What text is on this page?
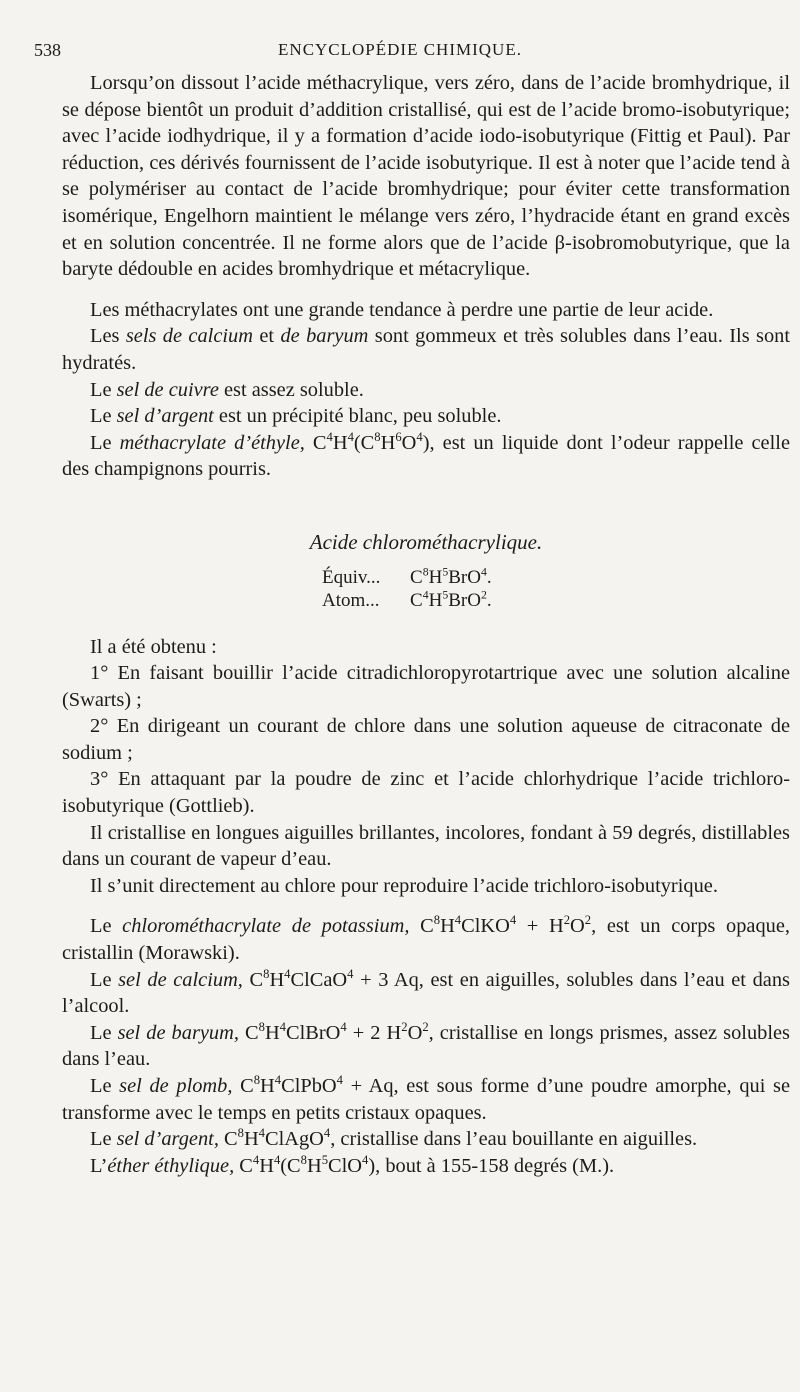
538	ENCYCLOPÉDIE CHIMIQUE.

Lorsqu’on dissout l’acide méthacrylique, vers zéro, dans de l’acide bromhydrique, il se dépose bientôt un produit d’addition cristallisé, qui est de l’acide bromo-isobutyrique; avec l’acide iodhydrique, il y a formation d’acide iodo-isobutyrique (Fittig et Paul). Par réduction, ces dérivés fournissent de l’acide isobutyrique. Il est à noter que l’acide tend à se polymériser au contact de l’acide bromhydrique; pour éviter cette transformation isomérique, Engelhorn maintient le mélange vers zéro, l’hydracide étant en grand excès et en solution concentrée. Il ne forme alors que de l’acide β-isobromobutyrique, que la baryte dédouble en acides bromhydrique et métacrylique.

Les méthacrylates ont une grande tendance à perdre une partie de leur acide.

Les sels de calcium et de baryum sont gommeux et très solubles dans l’eau. Ils sont hydratés.

Le sel de cuivre est assez soluble.

Le sel d’argent est un précipité blanc, peu soluble.

Le méthacrylate d’éthyle, $C^4H^4(C^8H^6O^4)$, est un liquide dont l’odeur rappelle celle des champignons pourris.

Acide chlorométhacrylique.

Équiv...	$C^8H^5BrO^4$.
Atom...	$C^4H^5BrO^2$.

Il a été obtenu :

1° En faisant bouillir l’acide citradichloropyrotartrique avec une solution alcaline (Swarts) ;

2° En dirigeant un courant de chlore dans une solution aqueuse de citraconate de sodium ;

3° En attaquant par la poudre de zinc et l’acide chlorhydrique l’acide trichloro-isobutyrique (Gottlieb).

Il cristallise en longues aiguilles brillantes, incolores, fondant à 59 degrés, distillables dans un courant de vapeur d’eau.

Il s’unit directement au chlore pour reproduire l’acide trichloro-isobutyrique.

Le chlorométhacrylate de potassium, $C^8H^4ClKO^4 + H^2O^2$, est un corps opaque, cristallin (Morawski).

Le sel de calcium, $C^8H^4ClCaO^4 + 3$ Aq, est en aiguilles, solubles dans l’eau et dans l’alcool.

Le sel de baryum, $C^8H^4ClBrO^4 + 2$ $H^2O^2$, cristallise en longs prismes, assez solubles dans l’eau.

Le sel de plomb, $C^8H^4ClPbO^4 + Aq$, est sous forme d’une poudre amorphe, qui se transforme avec le temps en petits cristaux opaques.

Le sel d’argent, $C^8H^4ClAgO^4$, cristallise dans l’eau bouillante en aiguilles.

L’éther éthylique, $C^4H^4(C^8H^5ClO^4)$, bout à 155-158 degrés (M.).
